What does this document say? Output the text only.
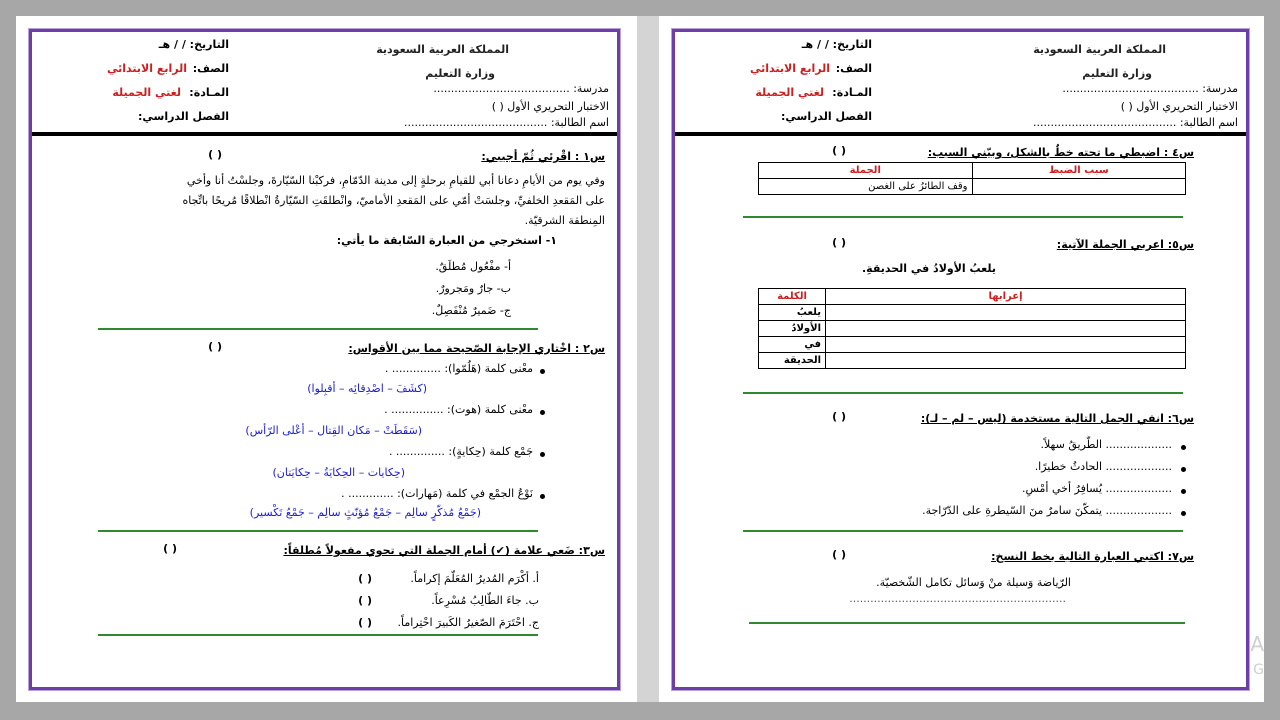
التاريخ: / / هـ
الصف:
الرابع الابتدائي
المـادة:
لغتي الجميلة
الفصل الدراسي:
المملكة العربية السعودية
وزارة التعليم
مدرسة: .......................................
الاختبار التحريري الأول ( )
اسم الطالبة: .........................................
س١ : اقْرئي ثُمّ أجيبي:
( )
وفي يوم من الأيامِ دعانا أبي للقيامِ برحلةٍ إلى مدينة الدّمّامِ، فركبْنا السّيّارةَ، وجلسْتُ أنا وأخي
على المَقعدِ الخلفيِّ، وجلسَتْ أمّي على المَقعدِ الأماميّ، وانْطلقَتِ السّيّارةُ انْطلاقًا مُريحًا باتِّجاه
المِنطقة الشرقيّة.
١- استخرجي من العبارة السّابقة ما يأتي:
أ- مفْعُول مُطلَقٌ.
ب- جارٌ ومَجرورٌ.
ج- ضَميرٌ مُنْفَصِلٌ.
س٢ : اخْتاري الإجابة الصّحيحة مما بين الأقواس:
( )
معْنى كلمة (هَلُمّوا): .............. .
(كشَفَ – اصْدِقائِه – أقبِلوا)
معْنى كلمة (هوت): ............... .
(سَقَطَتْ – مَكان القِتال – أعْلى الرّأس)
جَمْع كلمة (حِكايةٍ): .............. .
(حِكايات – الحِكايَةُ – حِكايَتان)
نَوْعُ الجمْع في كلمة (مَهارات): ............. .
(جَمْعُ مُذكّرٍ سالِم – جَمْعُ مُؤنّثٍ سالِم – جَمْعُ تَكْسير)
س٣: ضَعي علامة (✔) أمام الجملة التي تحوي مفعولاً مُطلقاً:
( )
أ. أكْرَم المُديرُ المُعَلّمَ إكراماً.
( )
ب. جاءَ الطّالِبُ مُسْرِعاً.
( )
ج. احْتَرَمَ الصّغيرُ الكَبيرَ احْتِراماً.
( )
التاريخ: / / هـ
الصف:
الرابع الابتدائي
المـادة:
لغتي الجميلة
الفصل الدراسي:
المملكة العربية السعودية
وزارة التعليم
مدرسة: .......................................
الاختبار التحريري الأول ( )
اسم الطالبة: .........................................
س٤ : اضبطي ما تحته خطٌ بالشكل، وبيّني السبب:
( )
الجملة	سبب الضبط
وقف الطائرُ على الغصن	
س٥: اعربي الجملة الآتية:
( )
يلعبُ الأولادُ في الحديقةِ.
الكلمة	إعرابها
يلعبُ	
الأولادُ	
في	
الحديقة	
س٦: انفي الجمل التالية مستخدمة (ليس – لم – لـ):
( )
................... الطّريقُ سهلاً.
................... الحادثُ خطيرًا.
................... يُسافِرُ أخي أمْسِ.
................... يتمكّنَ سامرٌ منَ السّيطرةِ على الدّرّاجة.
س٧: اكتبي العبارة التالية بخط النسخ:
( )
الرّياضة وَسيلة منْ وَسائل تكامل الشّخصيّة.
..............................................................
A
G
